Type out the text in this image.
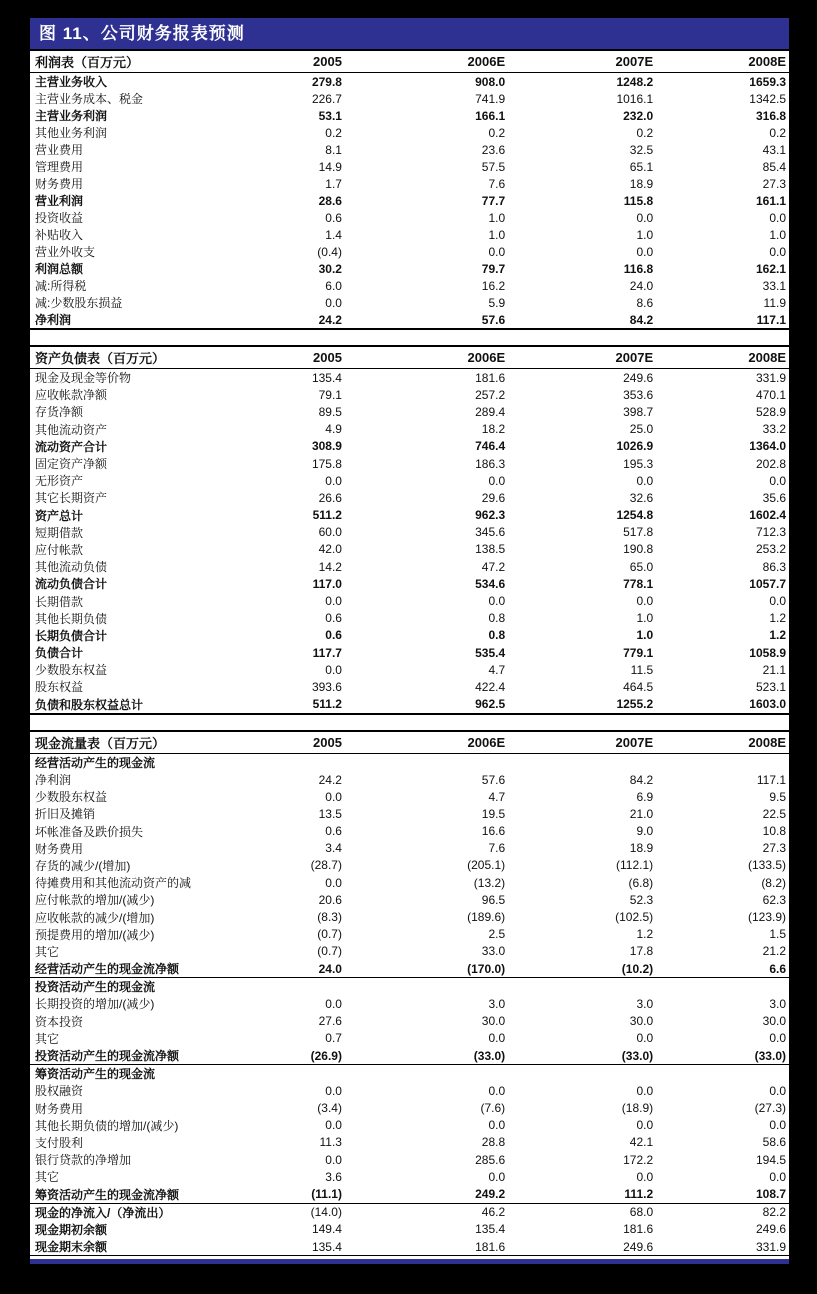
图 11、公司财务报表预测
利润表（百万元）	2005	2006E	2007E	2008E
主营业务收入	279.8	908.0	1248.2	1659.3
主营业务成本、税金	226.7	741.9	1016.1	1342.5
主营业务利润	53.1	166.1	232.0	316.8
其他业务利润	0.2	0.2	0.2	0.2
营业费用	8.1	23.6	32.5	43.1
管理费用	14.9	57.5	65.1	85.4
财务费用	1.7	7.6	18.9	27.3
营业利润	28.6	77.7	115.8	161.1
投资收益	0.6	1.0	0.0	0.0
补贴收入	1.4	1.0	1.0	1.0
营业外收支	(0.4)	0.0	0.0	0.0
利润总额	30.2	79.7	116.8	162.1
减:所得税	6.0	16.2	24.0	33.1
减:少数股东损益	0.0	5.9	8.6	11.9
净利润	24.2	57.6	84.2	117.1
资产负债表（百万元）	2005	2006E	2007E	2008E
现金及现金等价物	135.4	181.6	249.6	331.9
应收帐款净额	79.1	257.2	353.6	470.1
存货净额	89.5	289.4	398.7	528.9
其他流动资产	4.9	18.2	25.0	33.2
流动资产合计	308.9	746.4	1026.9	1364.0
固定资产净额	175.8	186.3	195.3	202.8
无形资产	0.0	0.0	0.0	0.0
其它长期资产	26.6	29.6	32.6	35.6
资产总计	511.2	962.3	1254.8	1602.4
短期借款	60.0	345.6	517.8	712.3
应付帐款	42.0	138.5	190.8	253.2
其他流动负债	14.2	47.2	65.0	86.3
流动负债合计	117.0	534.6	778.1	1057.7
长期借款	0.0	0.0	0.0	0.0
其他长期负债	0.6	0.8	1.0	1.2
长期负债合计	0.6	0.8	1.0	1.2
负债合计	117.7	535.4	779.1	1058.9
少数股东权益	0.0	4.7	11.5	21.1
股东权益	393.6	422.4	464.5	523.1
负债和股东权益总计	511.2	962.5	1255.2	1603.0
现金流量表（百万元）	2005	2006E	2007E	2008E
经营活动产生的现金流				
净利润	24.2	57.6	84.2	117.1
少数股东权益	0.0	4.7	6.9	9.5
折旧及摊销	13.5	19.5	21.0	22.5
坏帐准备及跌价损失	0.6	16.6	9.0	10.8
财务费用	3.4	7.6	18.9	27.3
存货的减少/(增加)	(28.7)	(205.1)	(112.1)	(133.5)
待摊费用和其他流动资产的减	0.0	(13.2)	(6.8)	(8.2)
应付帐款的增加/(减少)	20.6	96.5	52.3	62.3
应收帐款的减少/(增加)	(8.3)	(189.6)	(102.5)	(123.9)
预提费用的增加/(减少)	(0.7)	2.5	1.2	1.5
其它	(0.7)	33.0	17.8	21.2
经营活动产生的现金流净额	24.0	(170.0)	(10.2)	6.6
投资活动产生的现金流				
长期投资的增加/(减少)	0.0	3.0	3.0	3.0
资本投资	27.6	30.0	30.0	30.0
其它	0.7	0.0	0.0	0.0
投资活动产生的现金流净额	(26.9)	(33.0)	(33.0)	(33.0)
筹资活动产生的现金流				
股权融资	0.0	0.0	0.0	0.0
财务费用	(3.4)	(7.6)	(18.9)	(27.3)
其他长期负债的增加/(减少)	0.0	0.0	0.0	0.0
支付股利	11.3	28.8	42.1	58.6
银行贷款的净增加	0.0	285.6	172.2	194.5
其它	3.6	0.0	0.0	0.0
筹资活动产生的现金流净额	(11.1)	249.2	111.2	108.7
现金的净流入/（净流出）	(14.0)	46.2	68.0	82.2
现金期初余额	149.4	135.4	181.6	249.6
现金期末余额	135.4	181.6	249.6	331.9
